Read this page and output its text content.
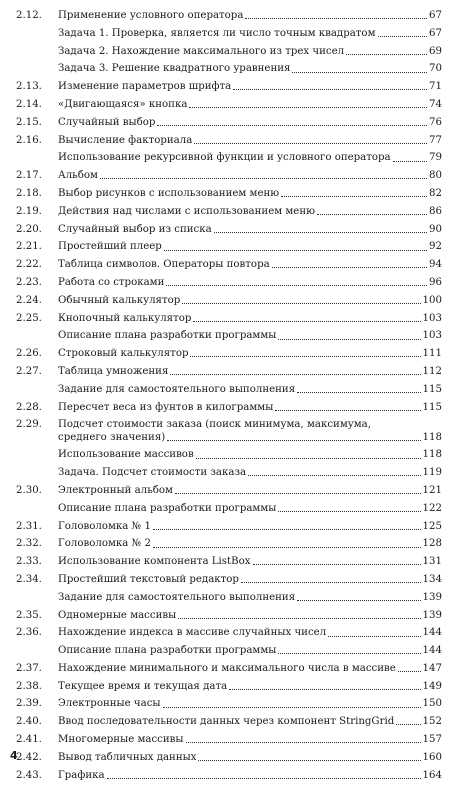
2.12.	Применение условного оператора	67
Задача 1. Проверка, является ли число точным квадратом	67
Задача 2. Нахождение максимального из трех чисел	69
Задача 3. Решение квадратного уравнения	70
2.13.	Изменение параметров шрифта	71
2.14.	«Двигающаяся» кнопка	74
2.15.	Случайный выбор	76
2.16.	Вычисление факториала	77
Использование рекурсивной функции и условного оператора	79
2.17.	Альбом	80
2.18.	Выбор рисунков с использованием меню	82
2.19.	Действия над числами с использованием меню	86
2.20.	Случайный выбор из списка	90
2.21.	Простейший плеер	92
2.22.	Таблица символов. Операторы повтора	94
2.23.	Работа со строками	96
2.24.	Обычный калькулятор	100
2.25.	Кнопочный калькулятор	103
Описание плана разработки программы	103
2.26.	Строковый калькулятор	111
2.27.	Таблица умножения	112
Задание для самостоятельного выполнения	115
2.28.	Пересчет веса из фунтов в килограммы	115
2.29.	Подсчет стоимости заказа (поиск минимума, максимума,
среднего значения)	118
Использование массивов	118
Задача. Подсчет стоимости заказа	119
2.30.	Электронный альбом	121
Описание плана разработки программы	122
2.31.	Головоломка № 1	125
2.32.	Головоломка № 2	128
2.33.	Использование компонента ListBox	131
2.34.	Простейший текстовый редактор	134
Задание для самостоятельного выполнения	139
2.35.	Одномерные массивы	139
2.36.	Нахождение индекса в массиве случайных чисел	144
Описание плана разработки программы	144
2.37.	Нахождение минимального и максимального числа в массиве	147
2.38.	Текущее время и текущая дата	149
2.39.	Электронные часы	150
2.40.	Ввод последовательности данных через компонент StringGrid	152
2.41.	Многомерные массивы	157
2.42.	Вывод табличных данных	160
2.43.	Графика	164
4
